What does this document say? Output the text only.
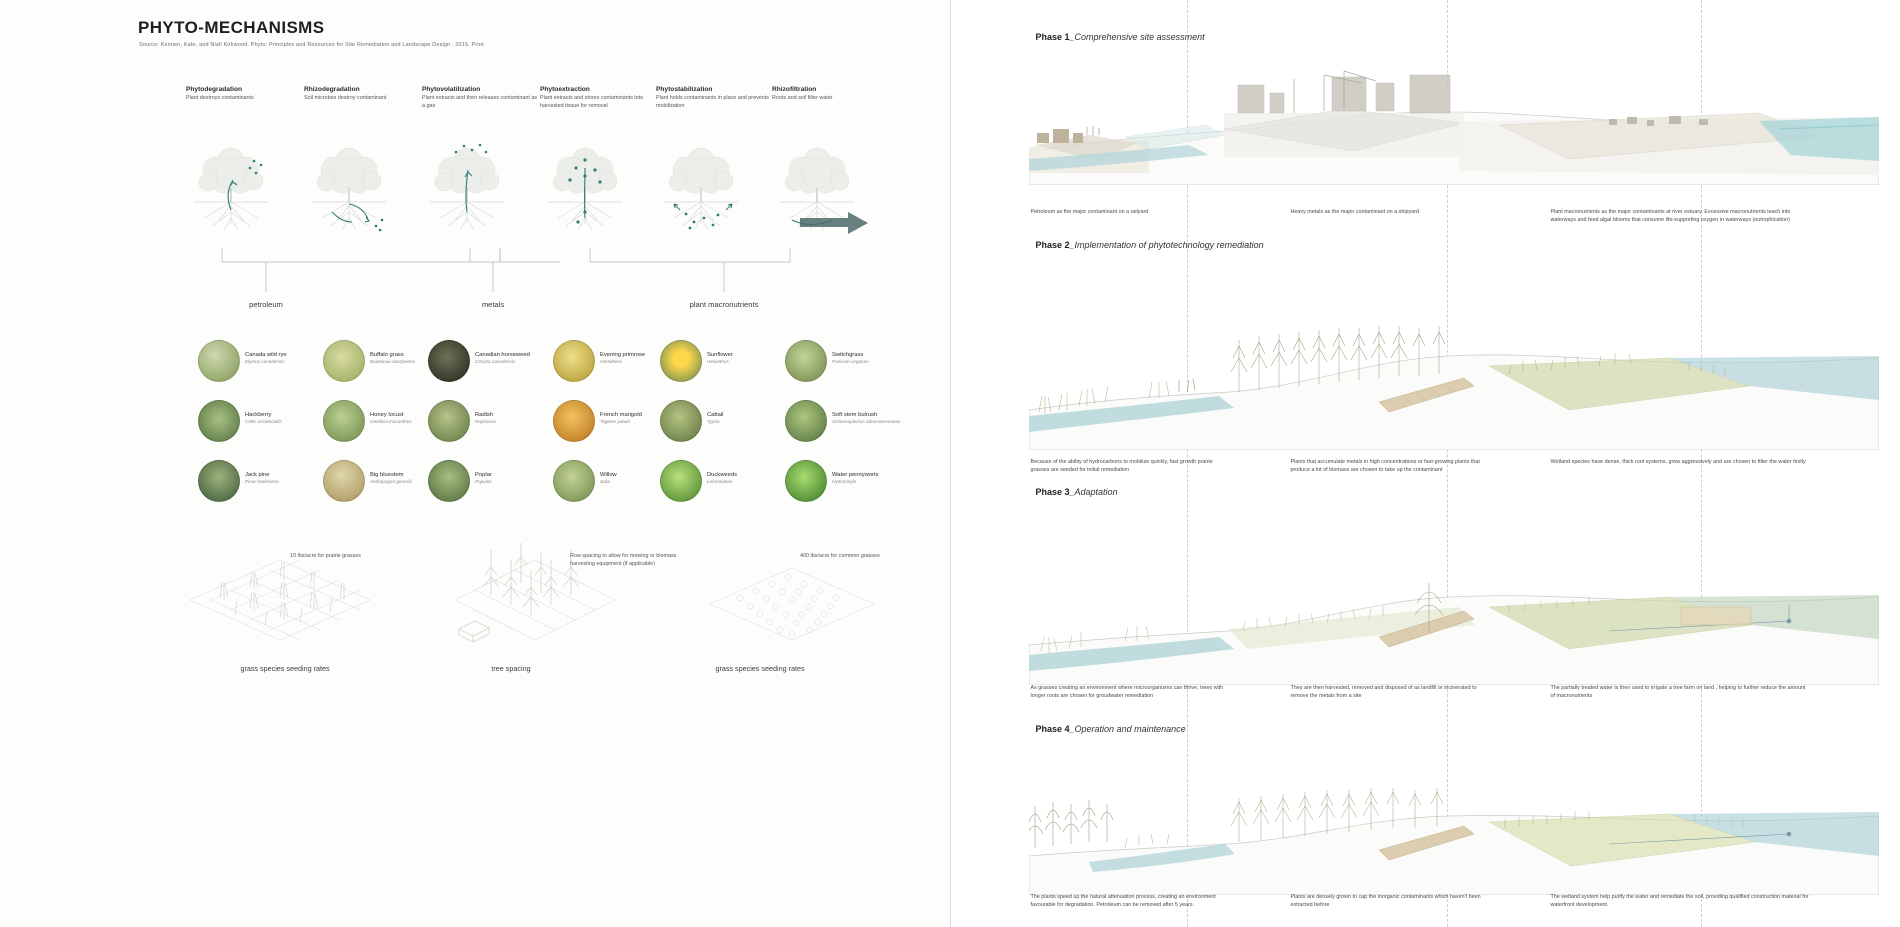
PHYTO-MECHANISMS
Source: Kennen, Kate, and Niall Kirkwood. Phyto: Principles and Resources for Site Remediation and Landscape Design . 2015. Print.
Phytodegradation
Plant destroys contaminants
Rhizodegradation
Soil microbes destroy contaminant
Phytovolatilization
Plant extracts and then releases contaminant as a gas
Phytoextraction
Plant extracts and stores contaminants into harvested tissue for removal
Phytostabilization
Plant holds contaminants in place and prevents mobilization
Rhizofiltration
Roots and soil filter water
petroleum	metals	plant macronutrients
Canada wild rye
Elymus canadensis
Buffalo grass
Bouteloua dactyloides
Hackberry
Celtis occidentalis
Honey locust
Gleditsia triacanthos
Jack pine
Pinus banksiana
Big bluestem
Andropogon gerardii
Canadian horseweed
Conyza canadensis
Evening primrose
Oenothera
Radish
Raphanus
French marigold
Tagetes patula
Poplar
Populus
Willow
Salix
Sunflower
Helianthus
Switchgrass
Panicum virgatum
Cattail
Typha
Soft stem bulrush
Schoenoplectus tabernaemontani
Duckweeds
Lemnoideae
Water pennyworts
Hydrocotyle
10 lbs/acre for prairie grasses	Row spacing to allow for mowing or biomass harvesting equipment (if applicable)
400 lbs/acre for common grasses
grass species seeding rates	tree spacing	grass species seeding rates
Phase 1_Comprehensive site assessment
Petroleum as the major contaminant on a railyard	Heavy metals as the major contaminant on a shipyard	Plant macronutrients as the major contaminants at river estuary. Excessive macronutrients leach into waterways and feed algal blooms that consume life-supporting oxygen in waterways (eutrophication)
Phase 2_Implementation of phytotechnology remediation
Because of the ability of hydrocarbons to mobilize quickly, fast growth prairie grasses are seeded for initial remediation
Plants that accumulate metals in high concentrations or fast-growing plants that produce a lot of biomass are chosen to take up the contaminant
Wetland species have dense, thick root systems, grow aggressively and are chosen to filter the water firstly
Phase 3_Adaptation
As grasses creating an environment where microorganisms can thrive, trees with longer roots are chosen for groudwater remediation
They are then harvested, removed and disposed of as landfill or incinerated to remove the metals from a site
The partially treated water is then used to irrigate a tree farm on land , helping to further reduce the amount of macronutrients
Phase 4_Operation and maintenance
The plants speed up the natural attenuation process, creating an environment favourable for degradation. Petroleum can be removed after 5 years.
Plants are densely grown to cap the inorganic contaminants which haven't been extracted before
The wetland system help purify the water and remediate the soil, providing qualified construction material for waterfront development.
